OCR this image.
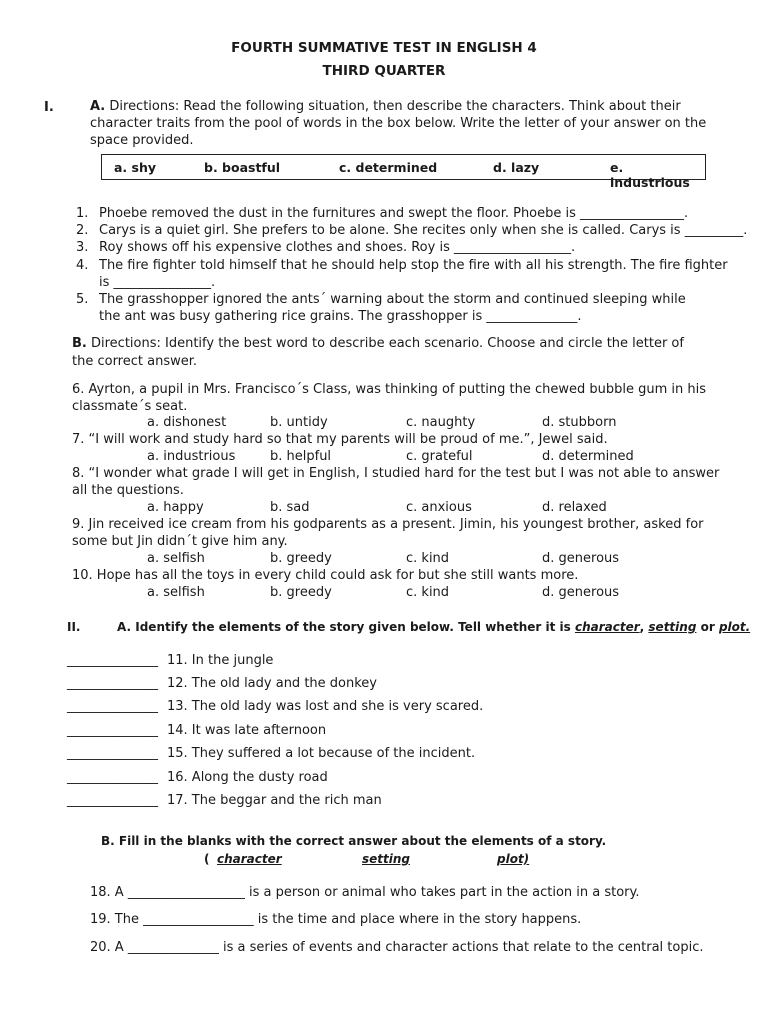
FOURTH SUMMATIVE TEST IN ENGLISH 4
THIRD QUARTER
I.	A. Directions: Read the following situation, then describe the characters. Think about their
character traits from the pool of words in the box below. Write the letter of your answer on the
space provided.
a. shy	b. boastful	c. determined	d. lazy	e. industrious
1. Phoebe removed the dust in the furnitures and swept the floor. Phoebe is ________________.
2. Carys is a quiet girl. She prefers to be alone. She recites only when she is called. Carys is _________.
3. Roy shows off his expensive clothes and shoes. Roy is __________________.
4. The fire fighter told himself that he should help stop the fire with all his strength. The fire fighter
is _______________.
5. The grasshopper ignored the ants´ warning about the storm and continued sleeping while
the ant was busy gathering rice grains. The grasshopper is ______________.
B. Directions: Identify the best word to describe each scenario. Choose and circle the letter of
the correct answer.
6. Ayrton, a pupil in Mrs. Francisco´s Class, was thinking of putting the chewed bubble gum in his
classmate´s seat.
a. dishonest	b. untidy	c. naughty	d. stubborn
7. “I will work and study hard so that my parents will be proud of me.”, Jewel said.
a. industrious	b. helpful	c. grateful	d. determined
8. “I wonder what grade I will get in English, I studied hard for the test but I was not able to answer
all the questions.
a. happy	b. sad	c. anxious	d. relaxed
9. Jin received ice cream from his godparents as a present. Jimin, his youngest brother, asked for
some but Jin didn´t give him any.
a. selfish	b. greedy	c. kind	d. generous
10. Hope has all the toys in every child could ask for but she still wants more.
a. selfish	b. greedy	c. kind	d. generous
II.	A. Identify the elements of the story given below. Tell whether it is character, setting or plot.
______________ 11. In the jungle
______________ 12. The old lady and the donkey
______________ 13. The old lady was lost and she is very scared.
______________ 14. It was late afternoon
______________ 15. They suffered a lot because of the incident.
______________ 16. Along the dusty road
______________ 17. The beggar and the rich man
B. Fill in the blanks with the correct answer about the elements of a story.
( character	setting	plot)
18. A __________________ is a person or animal who takes part in the action in a story.
19. The _________________ is the time and place where in the story happens.
20. A ______________ is a series of events and character actions that relate to the central topic.
